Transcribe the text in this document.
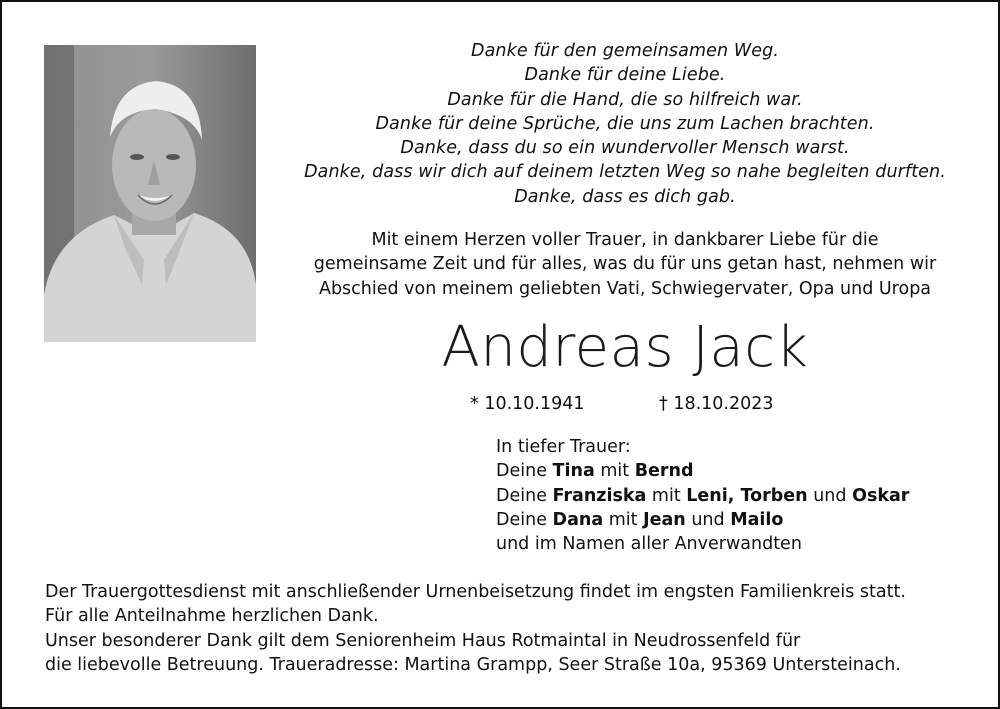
Danke für den gemeinsamen Weg.
Danke für deine Liebe.
Danke für die Hand, die so hilfreich war.
Danke für deine Sprüche, die uns zum Lachen brachten.
Danke, dass du so ein wundervoller Mensch warst.
Danke, dass wir dich auf deinem letzten Weg so nahe begleiten durften.
Danke, dass es dich gab.
Mit einem Herzen voller Trauer, in dankbarer Liebe für die
gemeinsame Zeit und für alles, was du für uns getan hast, nehmen wir
Abschied von meinem geliebten Vati, Schwiegervater, Opa und Uropa
Andreas Jack
* 10.10.1941	† 18.10.2023
In tiefer Trauer:
Deine Tina mit Bernd
Deine Franziska mit Leni, Torben und Oskar
Deine Dana mit Jean und Mailo
und im Namen aller Anverwandten
Der Trauergottesdienst mit anschließender Urnenbeisetzung findet im engsten Familienkreis statt.
Für alle Anteilnahme herzlichen Dank.
Unser besonderer Dank gilt dem Seniorenheim Haus Rotmaintal in Neudrossenfeld für
die liebevolle Betreuung. Traueradresse: Martina Grampp, Seer Straße 10a, 95369 Untersteinach.
